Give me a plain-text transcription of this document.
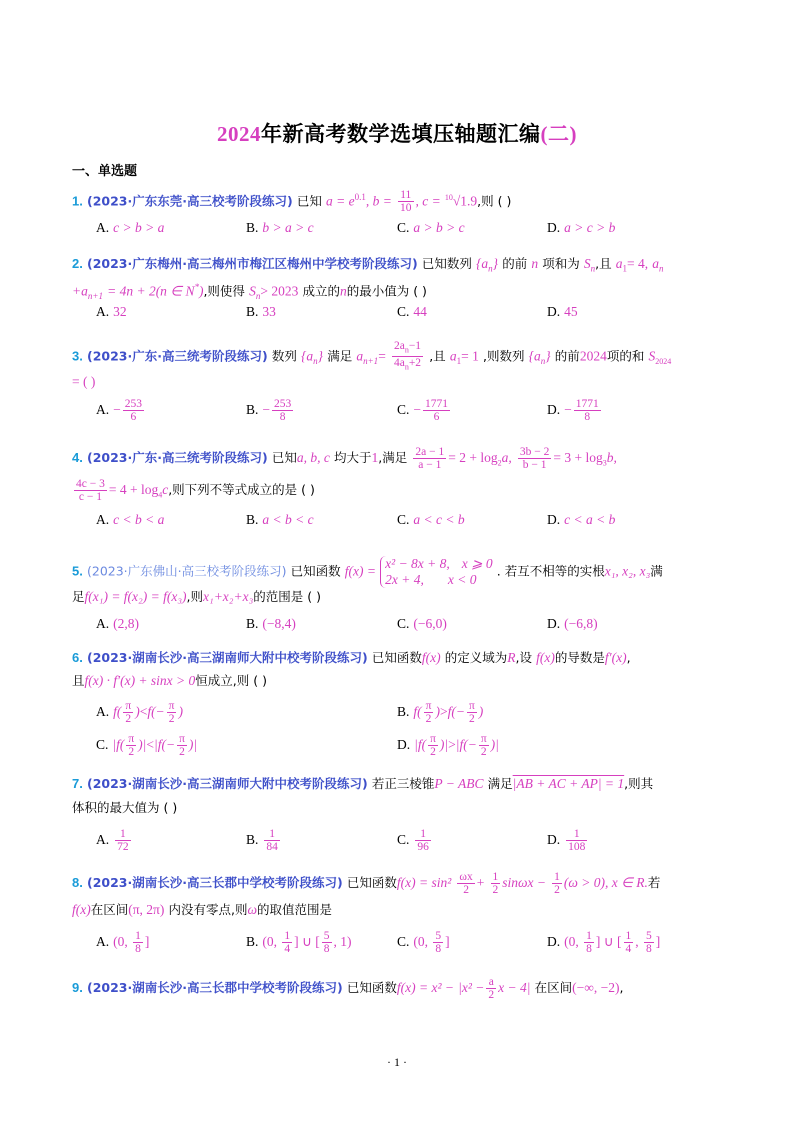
2024年新高考数学选填压轴题汇编(二)
一、单选题
1. (2023·广东东莞·高三校考阶段练习) 已知 $a = e^{0.1}$, $b = \frac{11}{10}$ , c = $^{10}$√1.9,则 ( )
A. c > b > a	B. b > a > c	C. a > b > c	D. a > c > b
2. (2023·广东梅州·高三梅州市梅江区梅州中学校考阶段练习) 已知数列 $\{a_n\}$ 的前 n 项和为 $S_n$,且 $a_1= 4$, $a_n$
$+a_{n+1} = 4n + 2(n$ ∈ N*),则使得 $S_n> 2023$ 成立的n的最小值为 ( )
A. 32	B. 33	C. 44	D. 45
3. (2023·广东·高三统考阶段练习) 数列 $\{a_n\}$ 满足 $a_{n+1}= \frac{2a_n-1}{4a_n+2}$ ,且 $a_1= 1$ ,则数列 $\{a_n\}$ 的前2024项的和 $S_{2024}$
= ( )
A. − $\frac{253}{6}$	B. − $\frac{253}{8}$	C. − $\frac{1771}{6}$	D. − $\frac{1771}{8}$
4. (2023·广东·高三统考阶段练习) 已知a, b, c 均大于1,满足 $\frac{2a - 1}{a - 1} = 2 + \log_2a$, $\frac{3b - 2}{b - 1} = 3 + \log_3b$,
$\frac{4c - 3}{c - 1} = 4 + \log_4c$,则下列不等式成立的是 ( )
A. c < b < a	B. a < b < c	C. a < c < b	D. c < a < b
5. (2023·广东佛山·高三校考阶段练习) 已知函数 f(x) = x² − 8x + 8, x ⩾ 0
2x + 4, x < 0
. 若互不相等的实根x₁, x₂, x₃满
足f(x₁) = f(x₂) = f(x₃),则x₁+x₂+x₃的范围是 ( )
A. (2,8)	B. (−8,4)	C. (−6,0)	D. (−6,8)
6. (2023·湖南长沙·高三湖南师大附中校考阶段练习) 已知函数f(x) 的定义域为R,设 f(x)的导数是f′(x),
且f(x) · f′(x) + sinx > 0恒成立,则 ( )
A. $f( \frac{\pi}{2} )<f(- \frac{\pi}{2}$ )	B. $f( \frac{\pi}{2} )>f(- \frac{\pi}{2}$ )
C. $|f( \frac{\pi}{2} )|<|f(- \frac{\pi}{2}$ )|	D. $|f( \frac{\pi}{2} )|>|f(- \frac{\pi}{2}$ )|
7. (2023·湖南长沙·高三湖南师大附中校考阶段练习) 若正三棱锥P − ABC 满足|AB + AC + AP| = 1,则其
体积的最大值为 ( )
A. $\frac{1}{72}$	B. $\frac{1}{84}$	C. $\frac{1}{96}$	D. $\frac{1}{108}$
8. (2023·湖南长沙·高三长郡中学校考阶段练习) 已知函数$f(x) = \sin^2 \frac{\omega x}{2} + \frac{1}{2}$ $\sin\omega x - \frac{1}{2} (\omega > 0)$, x ∈ R.若
f(x)在区间(π, 2π) 内没有零点,则ω的取值范围是
A. (0, $\frac{1}{8}$ ]	B. (0, $\frac{1}{4}$ ] ∪ [ $\frac{5}{8}$ , 1)	C. (0, $\frac{5}{8}$ ]	D. (0, $\frac{1}{8}$ ] ∪ [ $\frac{1}{4}$ , $\frac{5}{8}$ ]
9. (2023·湖南长沙·高三长郡中学校考阶段练习) 已知函数$f(x) = x^2 - |x^2 - \frac{a}{2}$ x − 4| 在区间(−∞, −2),
· 1 ·
